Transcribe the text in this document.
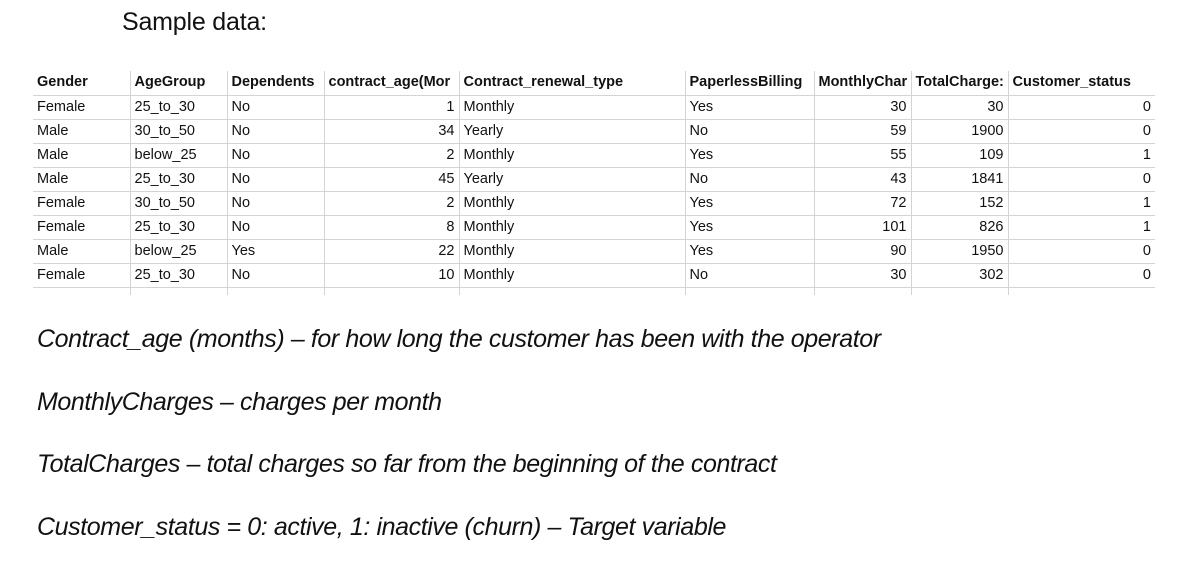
Sample data:
Gender	AgeGroup	Dependents	contract_age(Mor	Contract_renewal_type	PaperlessBilling	MonthlyChar	TotalCharge:	Customer_status
Female	25_to_30	No	1	Monthly	Yes	30	30	0
Male	30_to_50	No	34	Yearly	No	59	1900	0
Male	below_25	No	2	Monthly	Yes	55	109	1
Male	25_to_30	No	45	Yearly	No	43	1841	0
Female	30_to_50	No	2	Monthly	Yes	72	152	1
Female	25_to_30	No	8	Monthly	Yes	101	826	1
Male	below_25	Yes	22	Monthly	Yes	90	1950	0
Female	25_to_30	No	10	Monthly	No	30	302	0

Contract_age (months) – for how long the customer has been with the operator
MonthlyCharges – charges per month
TotalCharges – total charges so far from the beginning of the contract
Customer_status = 0: active, 1: inactive (churn) – Target variable
